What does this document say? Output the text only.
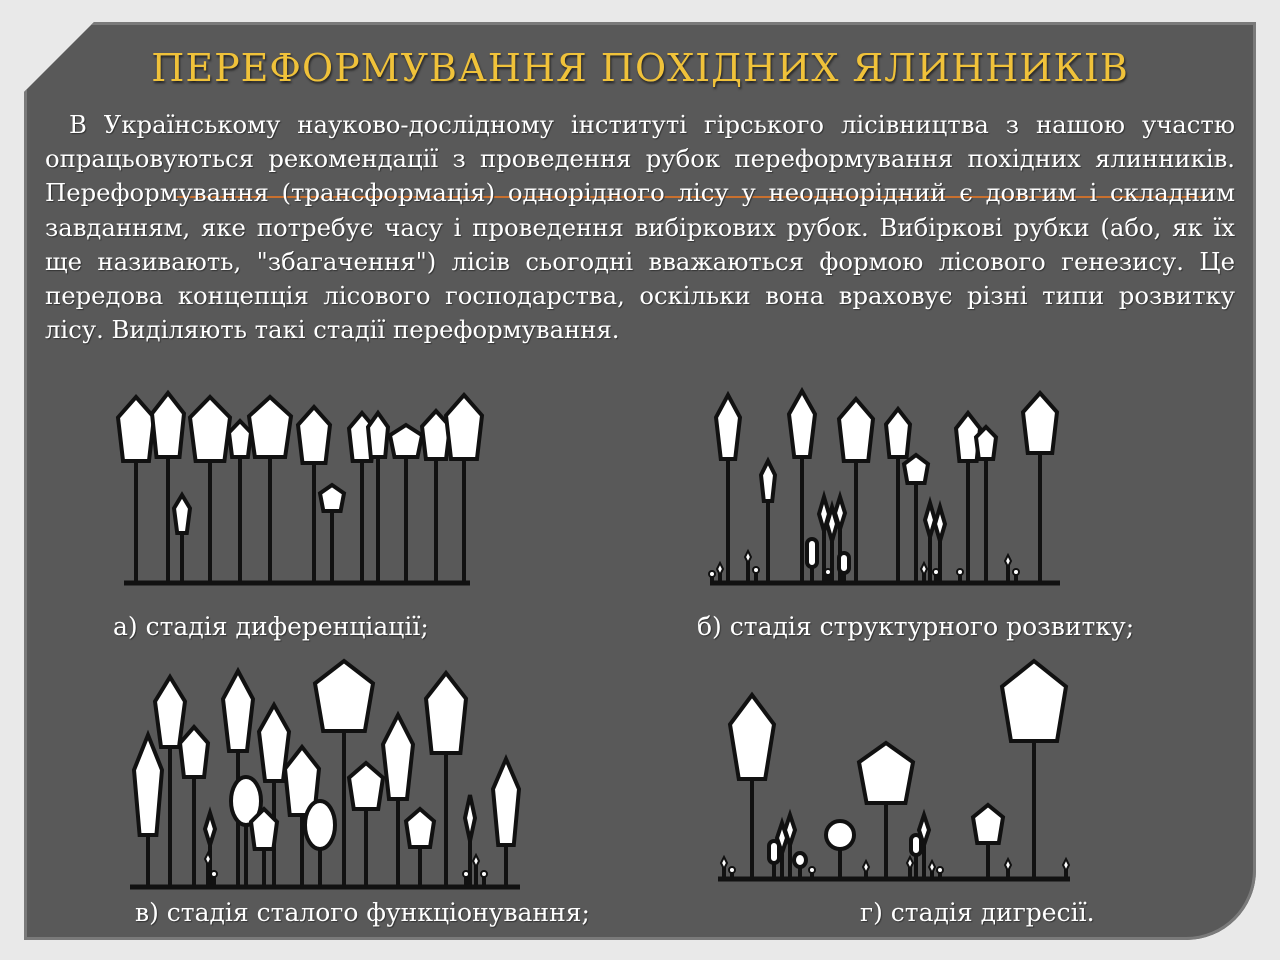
ПЕРЕФОРМУВАННЯ ПОХІДНИХ ЯЛИННИКІВ

В Українському науково-дослідному інституті гірського лісівництва з нашою участю опрацьовуються рекомендації з проведення рубок переформування похідних ялинників. Переформування (трансформація) однорідного лісу у неоднорідний є довгим і складним завданням, яке потребує часу і проведення вибіркових рубок. Вибіркові рубки (або, як їх ще називають, "збагачення") лісів сьогодні вважаються формою лісового генезису. Це передова концепція лісового господарства, оскільки вона враховує різні типи розвитку лісу. Виділяють такі стадії переформування.

а) стадія диференціації;	б) стадія структурного розвитку;

в) стадія сталого функціонування;	г) стадія дигресії.
